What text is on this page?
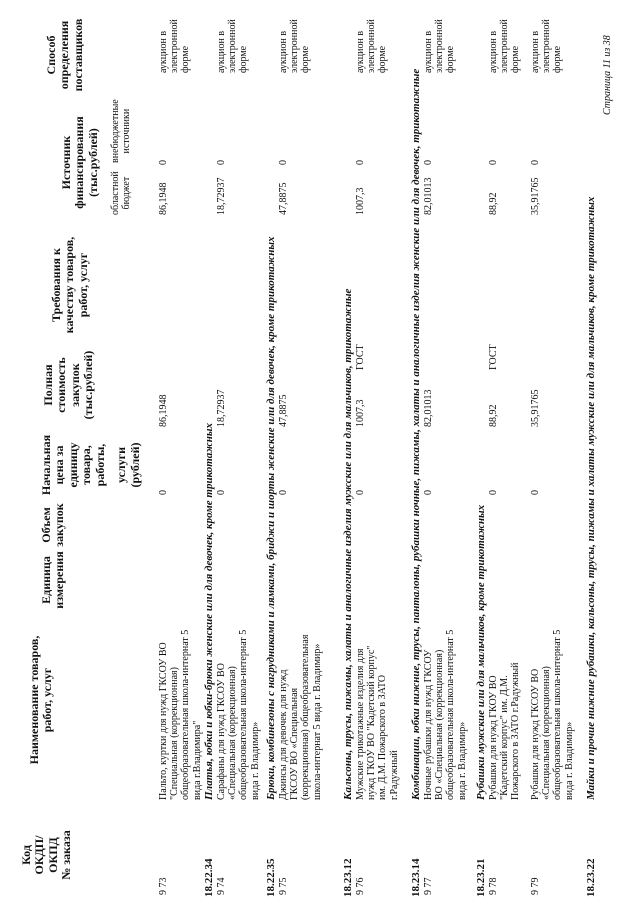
Код ОКДП/ ОКПД № заказа
Наименование товаров, работ, услуг
Единица измерения
Объем закупок
Начальная цена за единицу товара, работы, услуги (рублей)
Полная стоимость закупок (тыс.рублей)
Требования к качеству товаров, работ, услуг
Источник финансирования (тыс.рублей) областной бюджет
внебюджетные источники
Способ определения поставщиков
9 73
Пальто, куртки для нужд ГКСОУ ВО "Специальная (коррекционная) общеобразовательная школа-интернат 5 вида г.Владимира"
0
86,1948
86,1948
0
аукцион в электронной форме
18.22.34
Платья, юбки и юбки-брюки женские или для девочек, кроме трикотажных
9 74
Сарафаны для нужд ГКСОУ ВО «Специальная (коррекционная) общеобразовательная школа-интернат 5 вида г. Владимир»
0
18,72937
18,72937
0
аукцион в электронной форме
18.22.35
Брюки, комбинезоны с нагрудниками и лямками, бриджи и шорты женские или для девочек, кроме трикотажных
9 75
Джинсы для девочек для нужд ГКСОУ ВО «Специальная (коррекционная) общеобразовательная школа-интернат 5 вида г. Владимир»
0
47,8875
47,8875
0
аукцион в электронной форме
18.23.12
Кальсоны, трусы, пижамы, халаты и аналогичные изделия мужские или для мальчиков, трикотажные
9 76
Мужские трикотажные изделия для нужд ГКОУ ВО "Кадетский корпус" им. Д.М. Пожарского в ЗАТО г.Радужный
0
1007,3
ГОСТ
1007,3
0
аукцион в электронной форме
18.23.14
Комбинации, юбки нижние, трусы, панталоны, рубашки ночные, пижамы, халаты и аналогичные изделия женские или для девочек, трикотажные
9 77
Ночные рубашки для нужд ГКСОУ ВО «Специальная (коррекционная) общеобразовательная школа-интернат 5 вида г. Владимир»
0
82,01013
82,01013
0
аукцион в электронной форме
18.23.21
Рубашки мужские или для мальчиков, кроме трикотажных
9 78
Рубашки для нужд ГКОУ ВО "Кадетский корпус" им. Д.М. Пожарского в ЗАТО г.Радужный
0
88,92
ГОСТ
88,92
0
аукцион в электронной форме
9 79
Рубашки для нужд ГКСОУ ВО «Специальная (коррекционная) общеобразовательная школа-интернат 5 вида г. Владимир»
0
35,91765
35,91765
0
аукцион в электронной форме
18.23.22
Майки и прочие нижние рубашки, кальсоны, трусы, пижамы и халаты мужские или для мальчиков, кроме трикотажных
Страница 11 из 38
